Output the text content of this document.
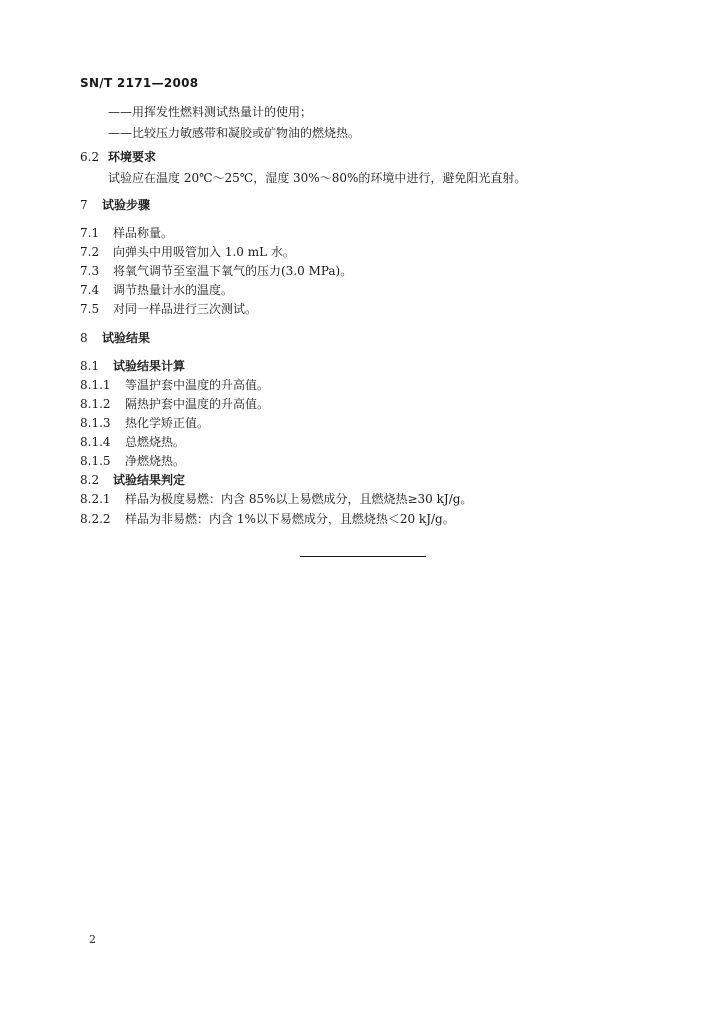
SN/T 2171—2008
——用挥发性燃料测试热量计的使用；
——比较压力敏感带和凝胶或矿物油的燃烧热。
6.2 环境要求
试验应在温度 20℃～25℃，湿度 30%～80%的环境中进行，避免阳光直射。
7 试验步骤
7.1 样品称量。
7.2 向弹头中用吸管加入 1.0 mL 水。
7.3 将氧气调节至室温下氧气的压力(3.0 MPa)。
7.4 调节热量计水的温度。
7.5 对同一样品进行三次测试。
8 试验结果
8.1 试验结果计算
8.1.1 等温护套中温度的升高值。
8.1.2 隔热护套中温度的升高值。
8.1.3 热化学矫正值。
8.1.4 总燃烧热。
8.1.5 净燃烧热。
8.2 试验结果判定
8.2.1 样品为极度易燃：内含 85%以上易燃成分，且燃烧热≥30 kJ/g。
8.2.2 样品为非易燃：内含 1%以下易燃成分，且燃烧热＜20 kJ/g。
2
